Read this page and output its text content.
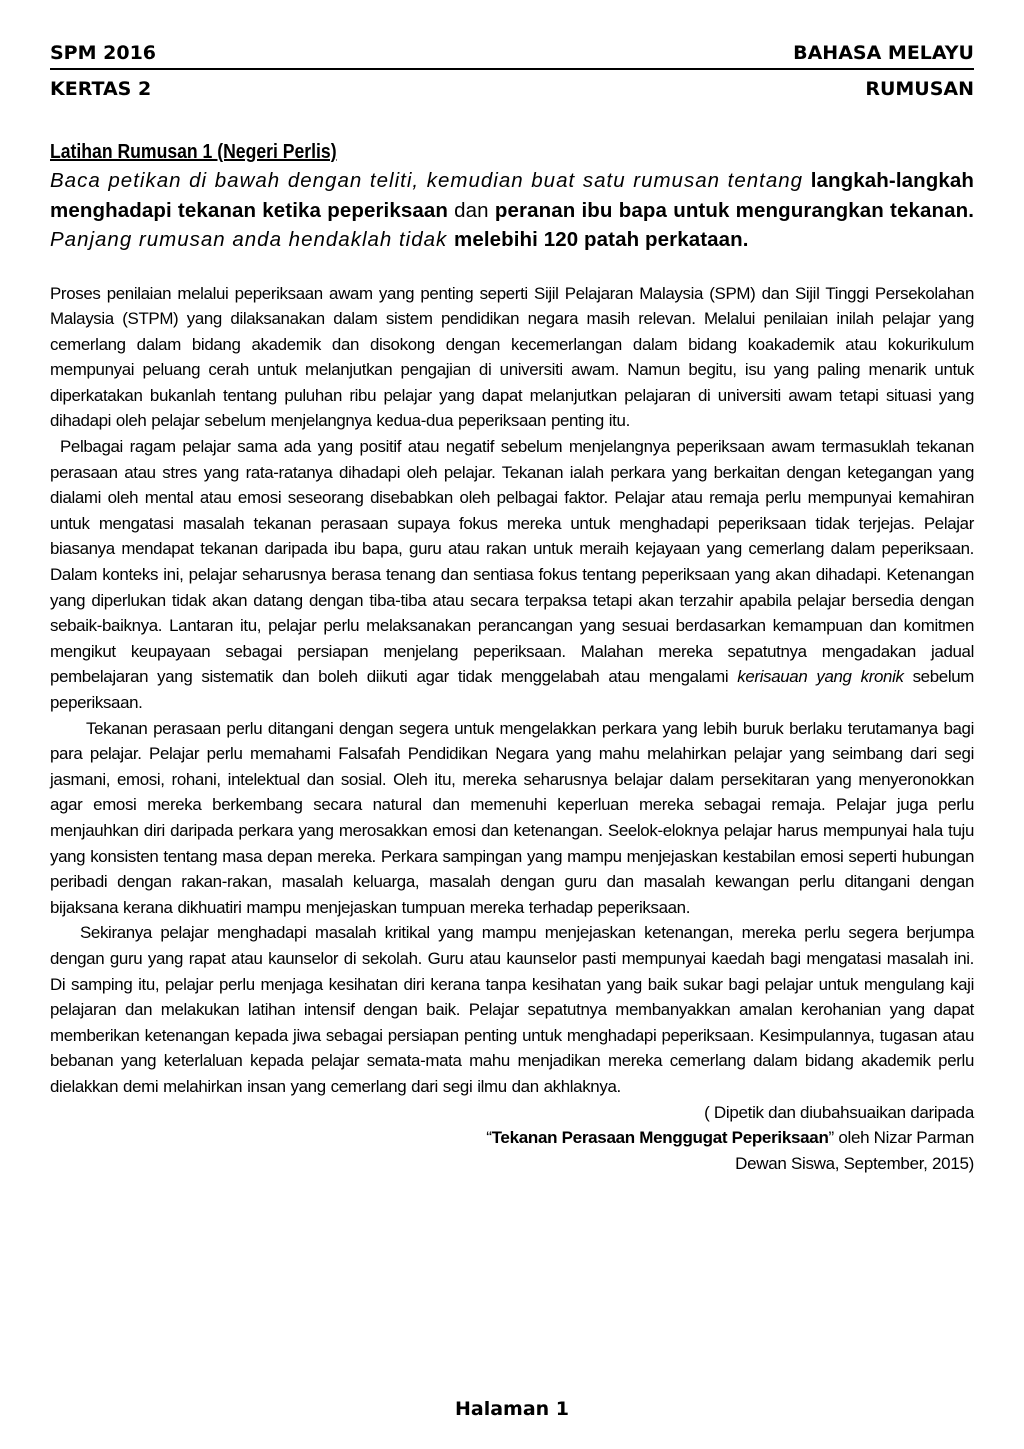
SPM 2016	BAHASA MELAYU
KERTAS 2	RUMUSAN
Latihan Rumusan 1 (Negeri Perlis)

Baca petikan di bawah dengan teliti, kemudian buat satu rumusan tentang langkah-langkah menghadapi tekanan ketika peperiksaan dan peranan ibu bapa untuk mengurangkan tekanan. Panjang rumusan anda hendaklah tidak melebihi 120 patah perkataan.

Proses penilaian melalui peperiksaan awam yang penting seperti Sijil Pelajaran Malaysia (SPM) dan Sijil Tinggi Persekolahan Malaysia (STPM) yang dilaksanakan dalam sistem pendidikan negara masih relevan. Melalui penilaian inilah pelajar yang cemerlang dalam bidang akademik dan disokong dengan kecemerlangan dalam bidang koakademik atau kokurikulum mempunyai peluang cerah untuk melanjutkan pengajian di universiti awam. Namun begitu, isu yang paling menarik untuk diperkatakan bukanlah tentang puluhan ribu pelajar yang dapat melanjutkan pelajaran di universiti awam tetapi situasi yang dihadapi oleh pelajar sebelum menjelangnya kedua-dua peperiksaan penting itu.

Pelbagai ragam pelajar sama ada yang positif atau negatif sebelum menjelangnya peperiksaan awam termasuklah tekanan perasaan atau stres yang rata-ratanya dihadapi oleh pelajar. Tekanan ialah perkara yang berkaitan dengan ketegangan yang dialami oleh mental atau emosi seseorang disebabkan oleh pelbagai faktor. Pelajar atau remaja perlu mempunyai kemahiran untuk mengatasi masalah tekanan perasaan supaya fokus mereka untuk menghadapi peperiksaan tidak terjejas. Pelajar biasanya mendapat tekanan daripada ibu bapa, guru atau rakan untuk meraih kejayaan yang cemerlang dalam peperiksaan. Dalam konteks ini, pelajar seharusnya berasa tenang dan sentiasa fokus tentang peperiksaan yang akan dihadapi. Ketenangan yang diperlukan tidak akan datang dengan tiba-tiba atau secara terpaksa tetapi akan terzahir apabila pelajar bersedia dengan sebaik-baiknya. Lantaran itu, pelajar perlu melaksanakan perancangan yang sesuai berdasarkan kemampuan dan komitmen mengikut keupayaan sebagai persiapan menjelang peperiksaan. Malahan mereka sepatutnya mengadakan jadual pembelajaran yang sistematik dan boleh diikuti agar tidak menggelabah atau mengalami kerisauan yang kronik sebelum peperiksaan.

Tekanan perasaan perlu ditangani dengan segera untuk mengelakkan perkara yang lebih buruk berlaku terutamanya bagi para pelajar. Pelajar perlu memahami Falsafah Pendidikan Negara yang mahu melahirkan pelajar yang seimbang dari segi jasmani, emosi, rohani, intelektual dan sosial. Oleh itu, mereka seharusnya belajar dalam persekitaran yang menyeronokkan agar emosi mereka berkembang secara natural dan memenuhi keperluan mereka sebagai remaja. Pelajar juga perlu menjauhkan diri daripada perkara yang merosakkan emosi dan ketenangan. Seelok-eloknya pelajar harus mempunyai hala tuju yang konsisten tentang masa depan mereka. Perkara sampingan yang mampu menjejaskan kestabilan emosi seperti hubungan peribadi dengan rakan-rakan, masalah keluarga, masalah dengan guru dan masalah kewangan perlu ditangani dengan bijaksana kerana dikhuatiri mampu menjejaskan tumpuan mereka terhadap peperiksaan.

Sekiranya pelajar menghadapi masalah kritikal yang mampu menjejaskan ketenangan, mereka perlu segera berjumpa dengan guru yang rapat atau kaunselor di sekolah. Guru atau kaunselor pasti mempunyai kaedah bagi mengatasi masalah ini. Di samping itu, pelajar perlu menjaga kesihatan diri kerana tanpa kesihatan yang baik sukar bagi pelajar untuk mengulang kaji pelajaran dan melakukan latihan intensif dengan baik. Pelajar sepatutnya membanyakkan amalan kerohanian yang dapat memberikan ketenangan kepada jiwa sebagai persiapan penting untuk menghadapi peperiksaan. Kesimpulannya, tugasan atau bebanan yang keterlaluan kepada pelajar semata-mata mahu menjadikan mereka cemerlang dalam bidang akademik perlu dielakkan demi melahirkan insan yang cemerlang dari segi ilmu dan akhlaknya.

( Dipetik dan diubahsuaikan daripada
“Tekanan Perasaan Menggugat Peperiksaan” oleh Nizar Parman
Dewan Siswa, September, 2015)
Halaman 1
